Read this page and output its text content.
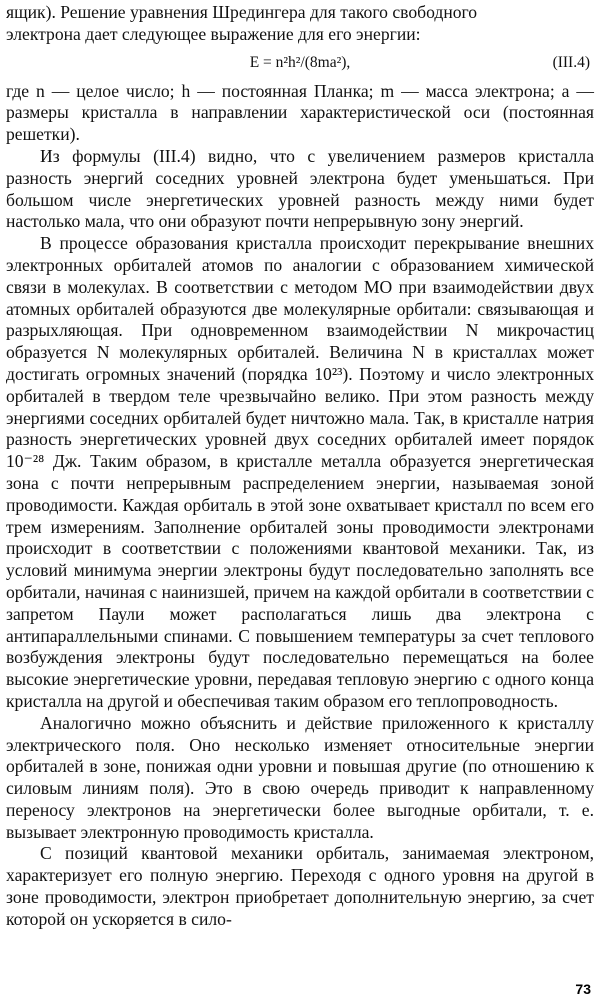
ящик). Решение уравнения Шредингера для такого свободного

электрона дает следующее выражение для его энергии:

E = n²h²/(8ma²),	(III.4)

где n — целое число; h — постоянная Планка; m — масса электрона; a — размеры кристалла в направлении характеристической оси (постоянная решетки).

Из формулы (III.4) видно, что с увеличением размеров кристалла разность энергий соседних уровней электрона будет уменьшаться. При большом числе энергетических уровней разность между ними будет настолько мала, что они образуют почти непрерывную зону энергий.

В процессе образования кристалла происходит перекрывание внешних электронных орбиталей атомов по аналогии с образованием химической связи в молекулах. В соответствии с методом МО при взаимодействии двух атомных орбиталей образуются две молекулярные орбитали: связывающая и разрыхляющая. При одновременном взаимодействии N микрочастиц образуется N молекулярных орбиталей. Величина N в кристаллах может достигать огромных значений (порядка 10²³). Поэтому и число электронных орбиталей в твердом теле чрезвычайно велико. При этом разность между энергиями соседних орбиталей будет ничтожно мала. Так, в кристалле натрия разность энергетических уровней двух соседних орбиталей имеет порядок 10⁻²⁸ Дж. Таким образом, в кристалле металла образуется энергетическая зона с почти непрерывным распределением энергии, называемая зоной проводимости. Каждая орбиталь в этой зоне охватывает кристалл по всем его трем измерениям. Заполнение орбиталей зоны проводимости электронами происходит в соответствии с положениями квантовой механики. Так, из условий минимума энергии электроны будут последовательно заполнять все орбитали, начиная с наинизшей, причем на каждой орбитали в соответствии с запретом Паули может располагаться лишь два электрона с антипараллельными спинами. С повышением температуры за счет теплового возбуждения электроны будут последовательно перемещаться на более высокие энергетические уровни, передавая тепловую энергию с одного конца кристалла на другой и обеспечивая таким образом его теплопроводность.

Аналогично можно объяснить и действие приложенного к кристаллу электрического поля. Оно несколько изменяет относительные энергии орбиталей в зоне, понижая одни уровни и повышая другие (по отношению к силовым линиям поля). Это в свою очередь приводит к направленному переносу электронов на энергетически более выгодные орбитали, т. е. вызывает электронную проводимость кристалла.

С позиций квантовой механики орбиталь, занимаемая электроном, характеризует его полную энергию. Переходя с одного уровня на другой в зоне проводимости, электрон приобретает дополнительную энергию, за счет которой он ускоряется в сило-

73
